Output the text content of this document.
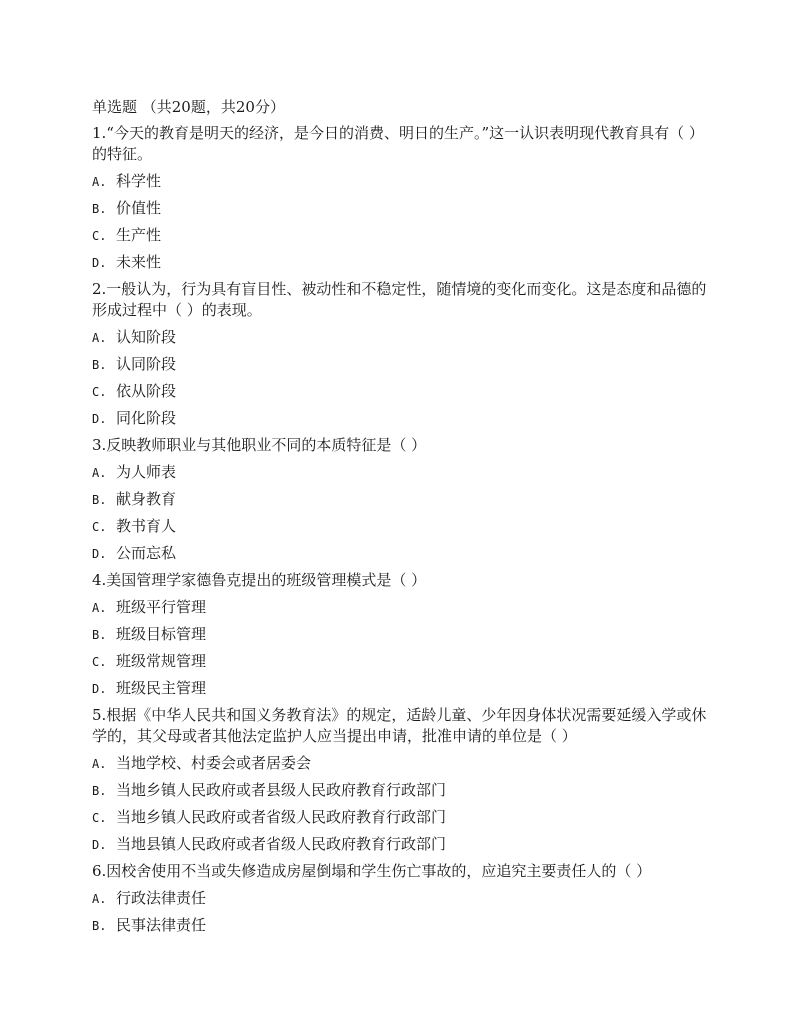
单选题 （共20题，共20分）
1.“今天的教育是明天的经济，是今日的消费、明日的生产。”这一认识表明现代教育具有（ ）的特征。
A. 科学性
B. 价值性
C. 生产性
D. 未来性
2.一般认为，行为具有盲目性、被动性和不稳定性，随情境的变化而变化。这是态度和品德的形成过程中（ ）的表现。
A. 认知阶段
B. 认同阶段
C. 依从阶段
D. 同化阶段
3.反映教师职业与其他职业不同的本质特征是（ ）
A. 为人师表
B. 献身教育
C. 教书育人
D. 公而忘私
4.美国管理学家德鲁克提出的班级管理模式是（ ）
A. 班级平行管理
B. 班级目标管理
C. 班级常规管理
D. 班级民主管理
5.根据《中华人民共和国义务教育法》的规定，适龄儿童、少年因身体状况需要延缓入学或休 学的，其父母或者其他法定监护人应当提出申请，批准申请的单位是（ ）
A. 当地学校、村委会或者居委会
B. 当地乡镇人民政府或者县级人民政府教育行政部门
C. 当地乡镇人民政府或者省级人民政府教育行政部门
D. 当地县镇人民政府或者省级人民政府教育行政部门
6.因校舍使用不当或失修造成房屋倒塌和学生伤亡事故的，应追究主要责任人的（ ）
A. 行政法律责任
B. 民事法律责任
